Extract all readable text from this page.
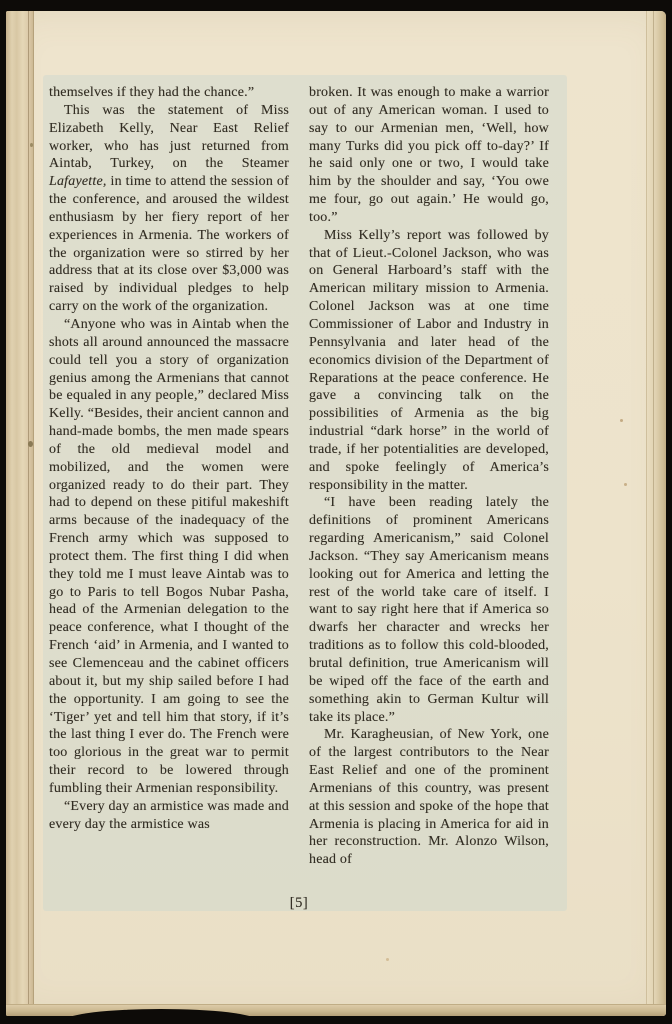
themselves if they had the chance.”

This was the statement of Miss Elizabeth Kelly, Near East Relief worker, who has just returned from Aintab, Turkey, on the Steamer Lafayette, in time to attend the session of the conference, and aroused the wildest enthusiasm by her fiery report of her experiences in Armenia. The workers of the organization were so stirred by her address that at its close over $3,000 was raised by individual pledges to help carry on the work of the organization.

“Anyone who was in Aintab when the shots all around announced the massacre could tell you a story of organization genius among the Armenians that cannot be equaled in any people,” declared Miss Kelly. “Besides, their ancient cannon and hand-made bombs, the men made spears of the old medieval model and mobilized, and the women were organized ready to do their part. They had to depend on these pitiful makeshift arms because of the inadequacy of the French army which was supposed to protect them. The first thing I did when they told me I must leave Aintab was to go to Paris to tell Bogos Nubar Pasha, head of the Armenian delegation to the peace conference, what I thought of the French ‘aid’ in Armenia, and I wanted to see Clemenceau and the cabinet officers about it, but my ship sailed before I had the opportunity. I am going to see the ‘Tiger’ yet and tell him that story, if it’s the last thing I ever do. The French were too glorious in the great war to permit their record to be lowered through fumbling their Armenian responsibility.

“Every day an armistice was made and every day the armistice was

broken. It was enough to make a warrior out of any American woman. I used to say to our Armenian men, ‘Well, how many Turks did you pick off to-day?’ If he said only one or two, I would take him by the shoulder and say, ‘You owe me four, go out again.’ He would go, too.”

Miss Kelly’s report was followed by that of Lieut.-Colonel Jackson, who was on General Harboard’s staff with the American military mission to Armenia. Colonel Jackson was at one time Commissioner of Labor and Industry in Pennsylvania and later head of the economics division of the Department of Reparations at the peace conference. He gave a convincing talk on the possibilities of Armenia as the big industrial “dark horse” in the world of trade, if her potentialities are developed, and spoke feelingly of America’s responsibility in the matter.

“I have been reading lately the definitions of prominent Americans regarding Americanism,” said Colonel Jackson. “They say Americanism means looking out for America and letting the rest of the world take care of itself. I want to say right here that if America so dwarfs her character and wrecks her traditions as to follow this cold-blooded, brutal definition, true Americanism will be wiped off the face of the earth and something akin to German Kultur will take its place.”

Mr. Karagheusian, of New York, one of the largest contributors to the Near East Relief and one of the prominent Armenians of this country, was present at this session and spoke of the hope that Armenia is placing in America for aid in her reconstruction. Mr. Alonzo Wilson, head of

[5]
